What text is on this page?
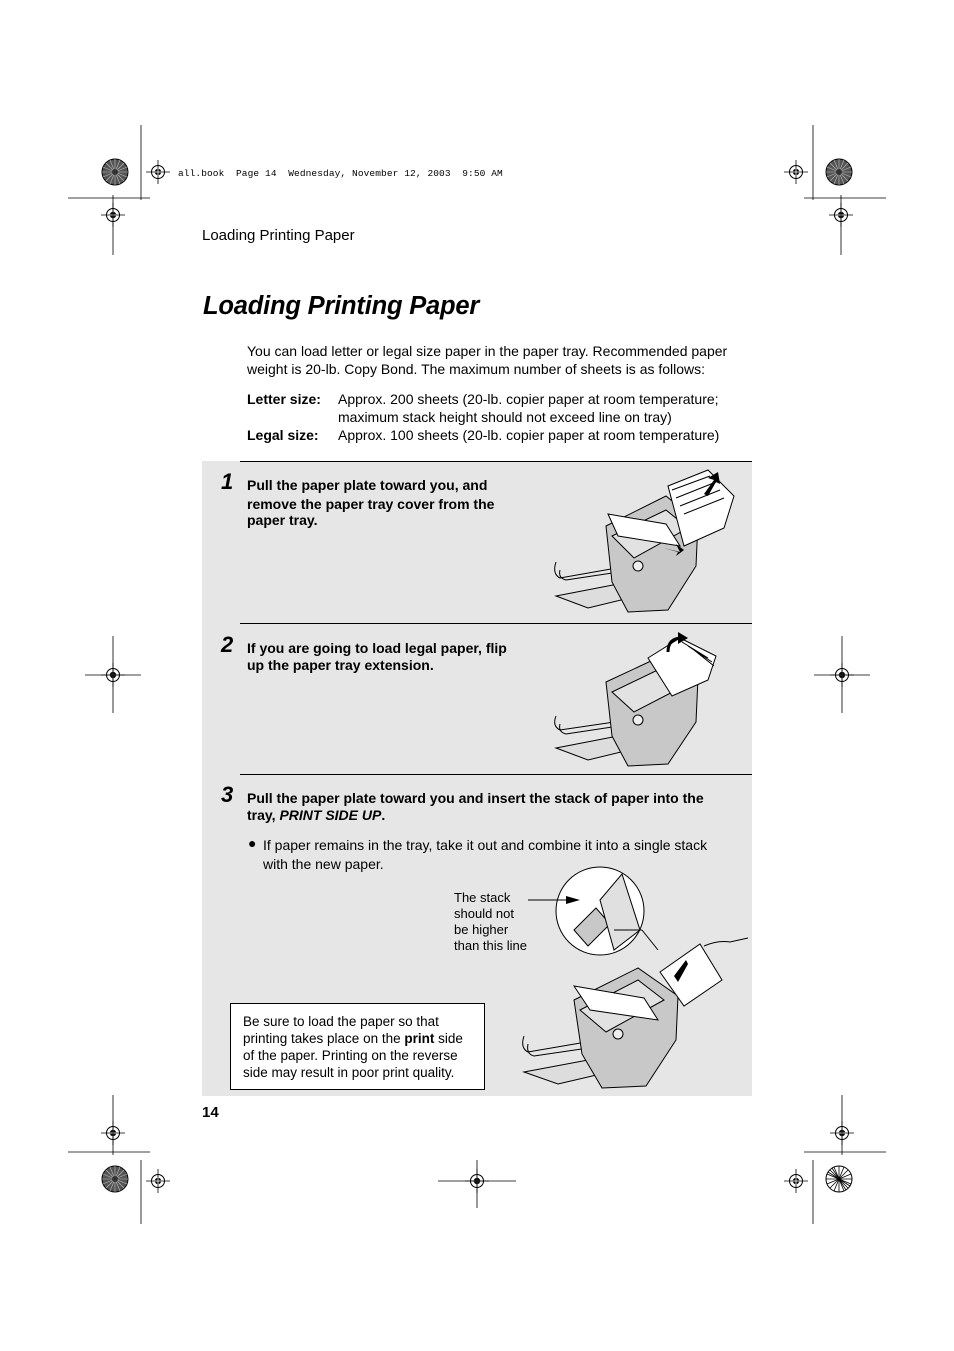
all.book  Page 14  Wednesday, November 12, 2003  9:50 AM
Loading Printing Paper
Loading Printing Paper
You can load letter or legal size paper in the paper tray. Recommended paper weight is 20-lb. Copy Bond. The maximum number of sheets is as follows:
Letter size: Approx. 200 sheets (20-lb. copier paper at room temperature;
maximum stack height should not exceed line on tray)
Legal size: Approx. 100 sheets (20-lb. copier paper at room temperature)
1 Pull the paper plate toward you, and
remove the paper tray cover from the
paper tray.
2 If you are going to load legal paper, flip
up the paper tray extension.
3 Pull the paper plate toward you and insert the stack of paper into the
tray, PRINT SIDE UP.
● If paper remains in the tray, take it out and combine it into a single stack
with the new paper.
The stack
should not
be higher
than this line
Be sure to load the paper so that
printing takes place on the print side
of the paper. Printing on the reverse
side may result in poor print quality.
14
